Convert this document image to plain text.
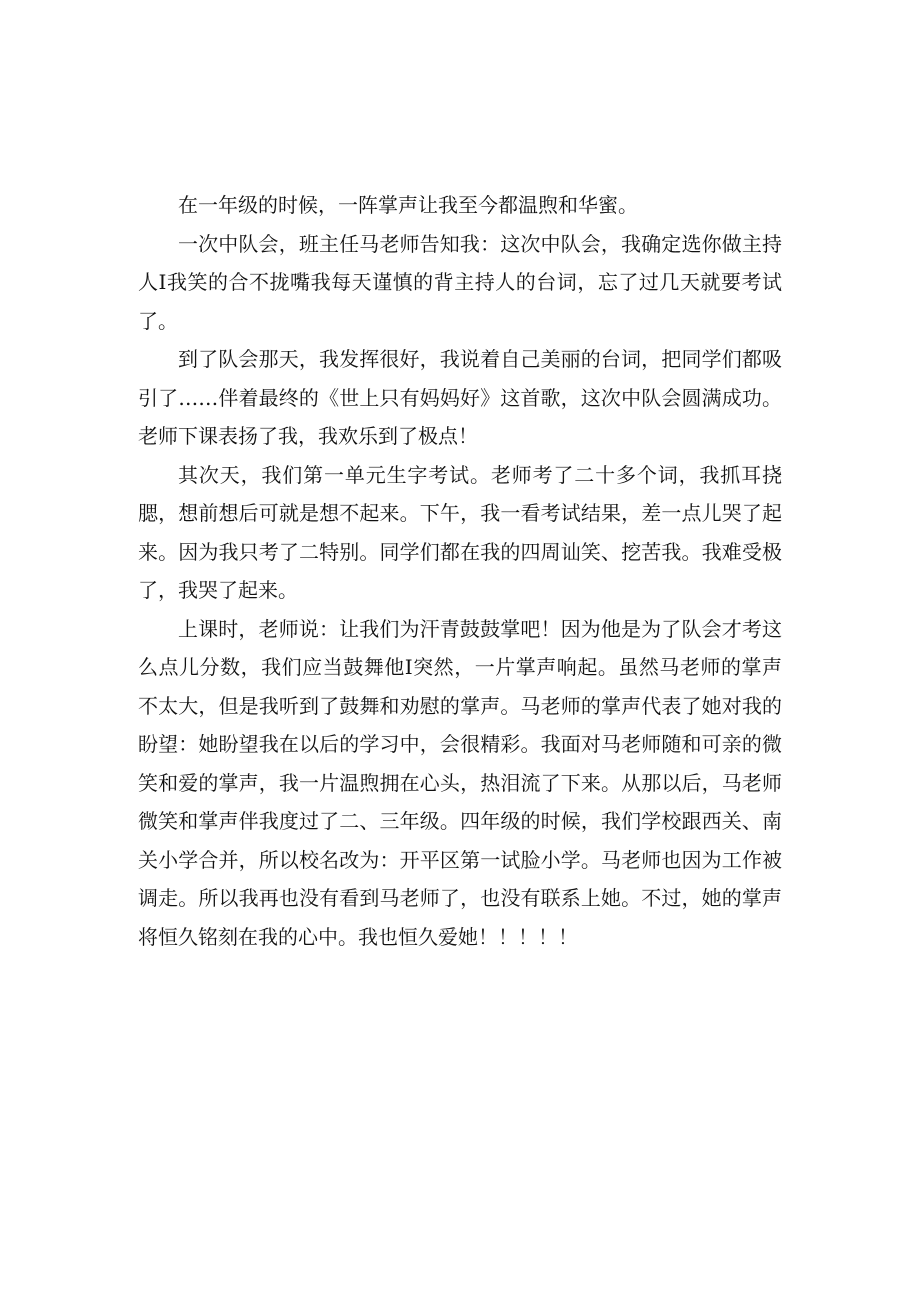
在一年级的时候，一阵掌声让我至今都温煦和华蜜。

一次中队会，班主任马老师告知我：这次中队会，我确定选你做主持人I我笑的合不拢嘴我每天谨慎的背主持人的台词，忘了过几天就要考试了。

到了队会那天，我发挥很好，我说着自己美丽的台词，把同学们都吸引了……伴着最终的《世上只有妈妈好》这首歌，这次中队会圆满成功。老师下课表扬了我，我欢乐到了极点！

其次天，我们第一单元生字考试。老师考了二十多个词，我抓耳挠腮，想前想后可就是想不起来。下午，我一看考试结果，差一点儿哭了起来。因为我只考了二特别。同学们都在我的四周讪笑、挖苦我。我难受极了，我哭了起来。

上课时，老师说：让我们为汗青鼓鼓掌吧！因为他是为了队会才考这么点儿分数，我们应当鼓舞他I突然，一片掌声响起。虽然马老师的掌声不太大，但是我听到了鼓舞和劝慰的掌声。马老师的掌声代表了她对我的盼望：她盼望我在以后的学习中，会很精彩。我面对马老师随和可亲的微笑和爱的掌声，我一片温煦拥在心头，热泪流了下来。从那以后，马老师微笑和掌声伴我度过了二、三年级。四年级的时候，我们学校跟西关、南关小学合并，所以校名改为：开平区第一试脸小学。马老师也因为工作被调走。所以我再也没有看到马老师了，也没有联系上她。不过，她的掌声将恒久铭刻在我的心中。我也恒久爱她！！！！！
